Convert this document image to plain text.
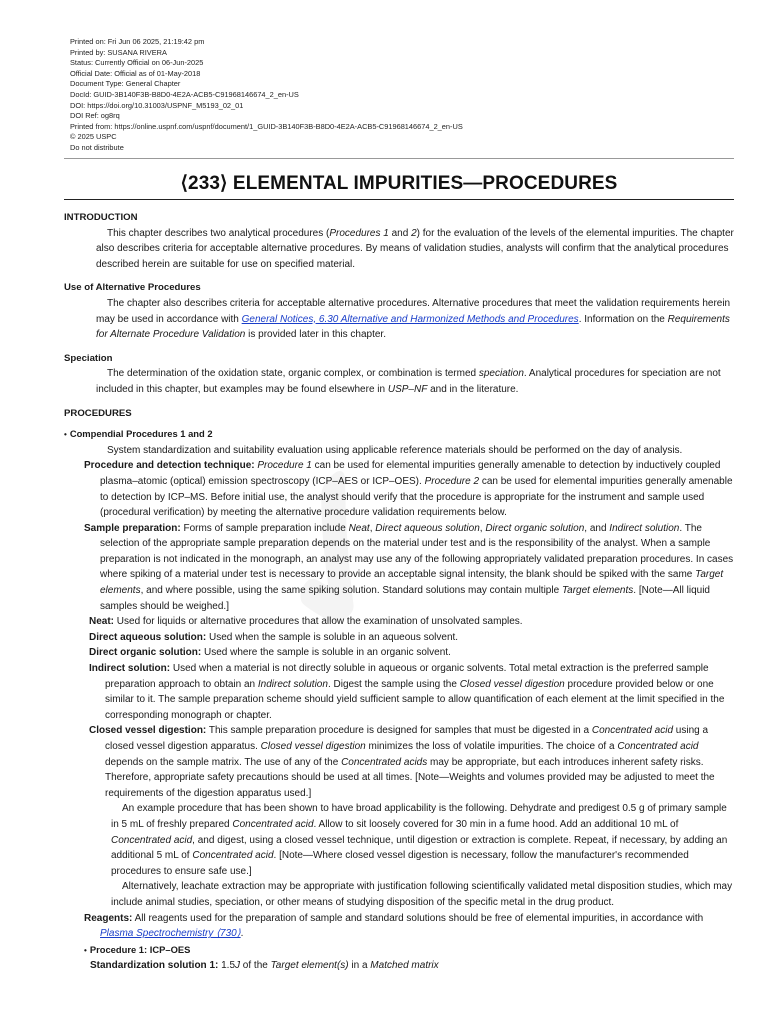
Printed on: Fri Jun 06 2025, 21:19:42 pm
Printed by: SUSANA RIVERA
Status: Currently Official on 06-Jun-2025
Official Date: Official as of 01-May-2018
Document Type: General Chapter
DocId: GUID-3B140F3B-B8D0-4E2A-ACB5-C91968146674_2_en-US
DOI: https://doi.org/10.31003/USPNF_M5193_02_01
DOI Ref: og8rq
Printed from: https://online.uspnf.com/uspnf/document/1_GUID-3B140F3B-B8D0-4E2A-ACB5-C91968146674_2_en-US
© 2025 USPC
Do not distribute
⟨233⟩ ELEMENTAL IMPURITIES—PROCEDURES

INTRODUCTION

This chapter describes two analytical procedures (Procedures 1 and 2) for the evaluation of the levels of the elemental impurities. The chapter also describes criteria for acceptable alternative procedures. By means of validation studies, analysts will confirm that the analytical procedures described herein are suitable for use on specified material.

Use of Alternative Procedures

The chapter also describes criteria for acceptable alternative procedures. Alternative procedures that meet the validation requirements herein may be used in accordance with General Notices, 6.30 Alternative and Harmonized Methods and Procedures. Information on the Requirements for Alternate Procedure Validation is provided later in this chapter.

Speciation

The determination of the oxidation state, organic complex, or combination is termed speciation. Analytical procedures for speciation are not included in this chapter, but examples may be found elsewhere in USP–NF and in the literature.

PROCEDURES

• Compendial Procedures 1 and 2

System standardization and suitability evaluation using applicable reference materials should be performed on the day of analysis.

Procedure and detection technique: Procedure 1 can be used for elemental impurities generally amenable to detection by inductively coupled plasma–atomic (optical) emission spectroscopy (ICP–AES or ICP–OES). Procedure 2 can be used for elemental impurities generally amenable to detection by ICP–MS. Before initial use, the analyst should verify that the procedure is appropriate for the instrument and sample used (procedural verification) by meeting the alternative procedure validation requirements below.

Sample preparation: Forms of sample preparation include Neat, Direct aqueous solution, Direct organic solution, and Indirect solution. The selection of the appropriate sample preparation depends on the material under test and is the responsibility of the analyst. When a sample preparation is not indicated in the monograph, an analyst may use any of the following appropriately validated preparation procedures. In cases where spiking of a material under test is necessary to provide an acceptable signal intensity, the blank should be spiked with the same Target elements, and where possible, using the same spiking solution. Standard solutions may contain multiple Target elements. [Note—All liquid samples should be weighed.]

Neat: Used for liquids or alternative procedures that allow the examination of unsolvated samples.

Direct aqueous solution: Used when the sample is soluble in an aqueous solvent.

Direct organic solution: Used where the sample is soluble in an organic solvent.

Indirect solution: Used when a material is not directly soluble in aqueous or organic solvents. Total metal extraction is the preferred sample preparation approach to obtain an Indirect solution. Digest the sample using the Closed vessel digestion procedure provided below or one similar to it. The sample preparation scheme should yield sufficient sample to allow quantification of each element at the limit specified in the corresponding monograph or chapter.

Closed vessel digestion: This sample preparation procedure is designed for samples that must be digested in a Concentrated acid using a closed vessel digestion apparatus. Closed vessel digestion minimizes the loss of volatile impurities. The choice of a Concentrated acid depends on the sample matrix. The use of any of the Concentrated acids may be appropriate, but each introduces inherent safety risks. Therefore, appropriate safety precautions should be used at all times. [Note—Weights and volumes provided may be adjusted to meet the requirements of the digestion apparatus used.]

An example procedure that has been shown to have broad applicability is the following. Dehydrate and predigest 0.5 g of primary sample in 5 mL of freshly prepared Concentrated acid. Allow to sit loosely covered for 30 min in a fume hood. Add an additional 10 mL of Concentrated acid, and digest, using a closed vessel technique, until digestion or extraction is complete. Repeat, if necessary, by adding an additional 5 mL of Concentrated acid. [Note—Where closed vessel digestion is necessary, follow the manufacturer's recommended procedures to ensure safe use.]

Alternatively, leachate extraction may be appropriate with justification following scientifically validated metal disposition studies, which may include animal studies, speciation, or other means of studying disposition of the specific metal in the drug product.

Reagents: All reagents used for the preparation of sample and standard solutions should be free of elemental impurities, in accordance with Plasma Spectrochemistry ⟨730⟩.

• Procedure 1: ICP–OES

Standardization solution 1: 1.5J of the Target element(s) in a Matched matrix
